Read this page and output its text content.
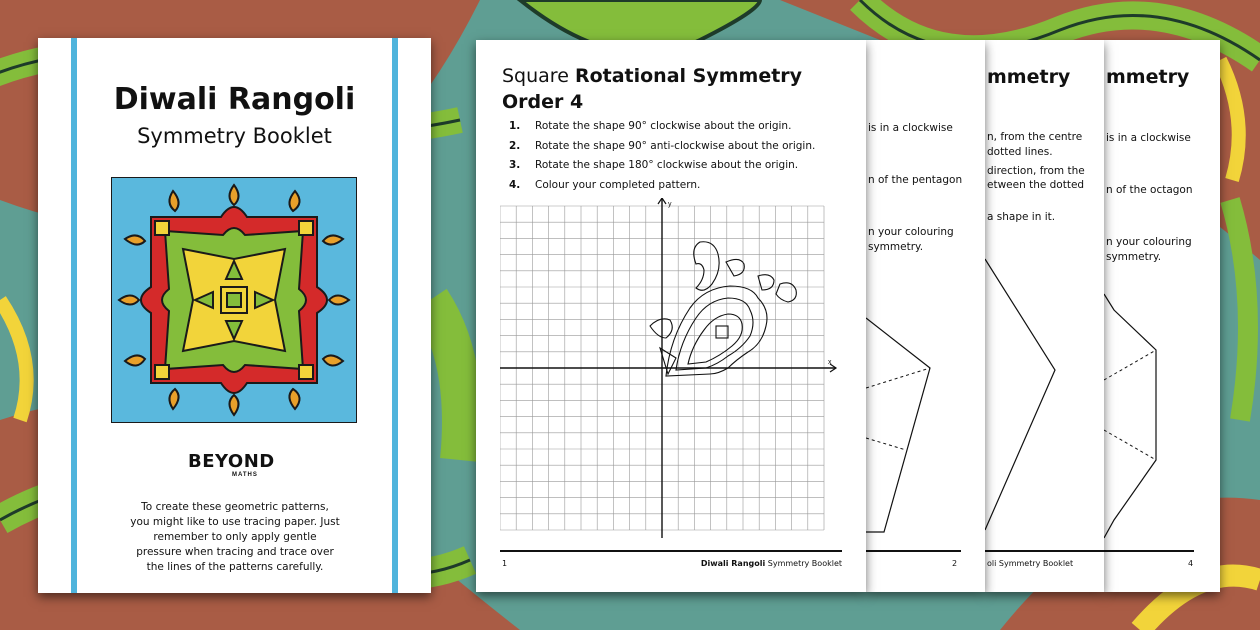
Diwali Rangoli
Symmetry Booklet
BEYOND
MATHS
To create these geometric patterns, you might like to use tracing paper. Just remember to only apply gentle pressure when tracing and trace over the lines of the patterns carefully.
mmetry
is in a clockwise
n of the octagon
n your colouring
symmetry.
4
mmetry
n, from the centre
dotted lines.
direction, from the
etween the dotted
a shape in it.
oli Symmetry Booklet
is in a clockwise
n of the pentagon
n your colouring
symmetry.
2
Square Rotational Symmetry
Order 4
1.	Rotate the shape 90° clockwise about the origin.
2.	Rotate the shape 90° anti-clockwise about the origin.
3.	Rotate the shape 180° clockwise about the origin.
4.	Colour your completed pattern.
x
y
1	Diwali Rangoli Symmetry Booklet
